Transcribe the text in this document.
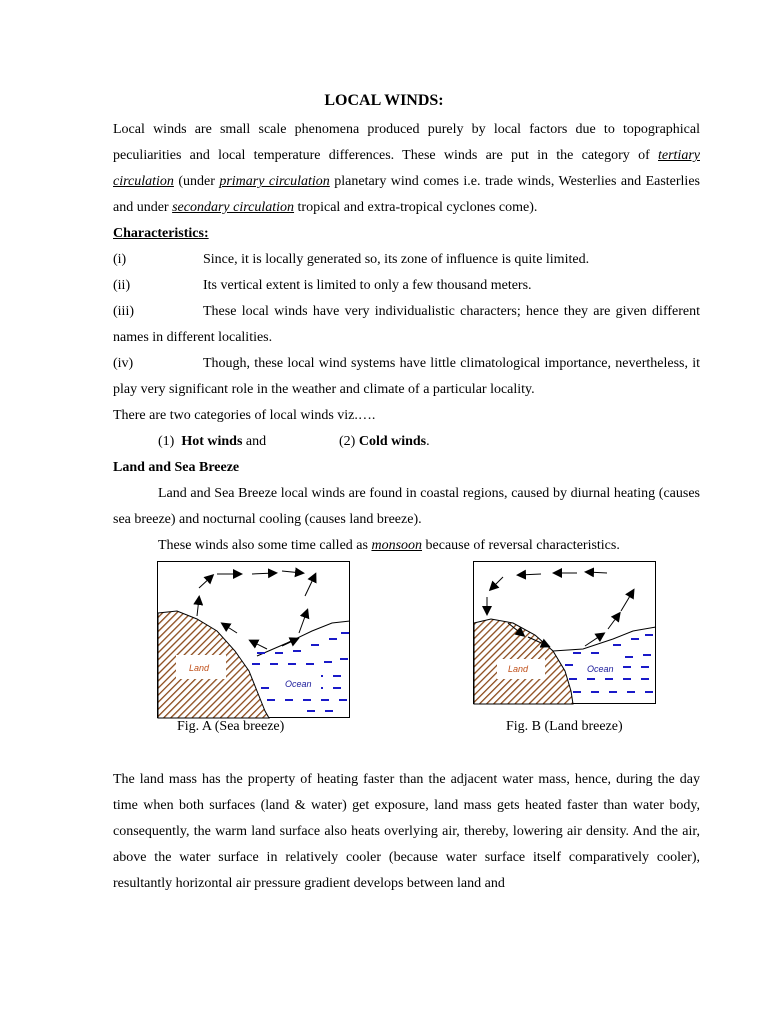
LOCAL WINDS:
Local winds are small scale phenomena produced purely by local factors due to topographical peculiarities and local temperature differences. These winds are put in the category of tertiary circulation (under primary circulation planetary wind comes i.e. trade winds, Westerlies and Easterlies and under secondary circulation tropical and extra-tropical cyclones come).
Characteristics:
(i)	Since, it is locally generated so, its zone of influence is quite limited.
(ii)	Its vertical extent is limited to only a few thousand meters.
(iii)	These local winds have very individualistic characters; hence they are given different names in different localities.
(iv)	Though, these local wind systems have little climatological importance, nevertheless, it play very significant role in the weather and climate of a particular locality.
There are two categories of local winds viz.….
(1) Hot winds and	(2) Cold winds.
Land and Sea Breeze
Land and Sea Breeze local winds are found in coastal regions, caused by diurnal heating (causes sea breeze) and nocturnal cooling (causes land breeze).
These winds also some time called as monsoon because of reversal characteristics.
Land
Ocean
Fig. A (Sea breeze)
Land	Ocean
Fig. B (Land breeze)
The land mass has the property of heating faster than the adjacent water mass, hence, during the day time when both surfaces (land & water) get exposure, land mass gets heated faster than water body, consequently, the warm land surface also heats overlying air, thereby, lowering air density. And the air, above the water surface in relatively cooler (because water surface itself comparatively cooler), resultantly horizontal air pressure gradient develops between land and
